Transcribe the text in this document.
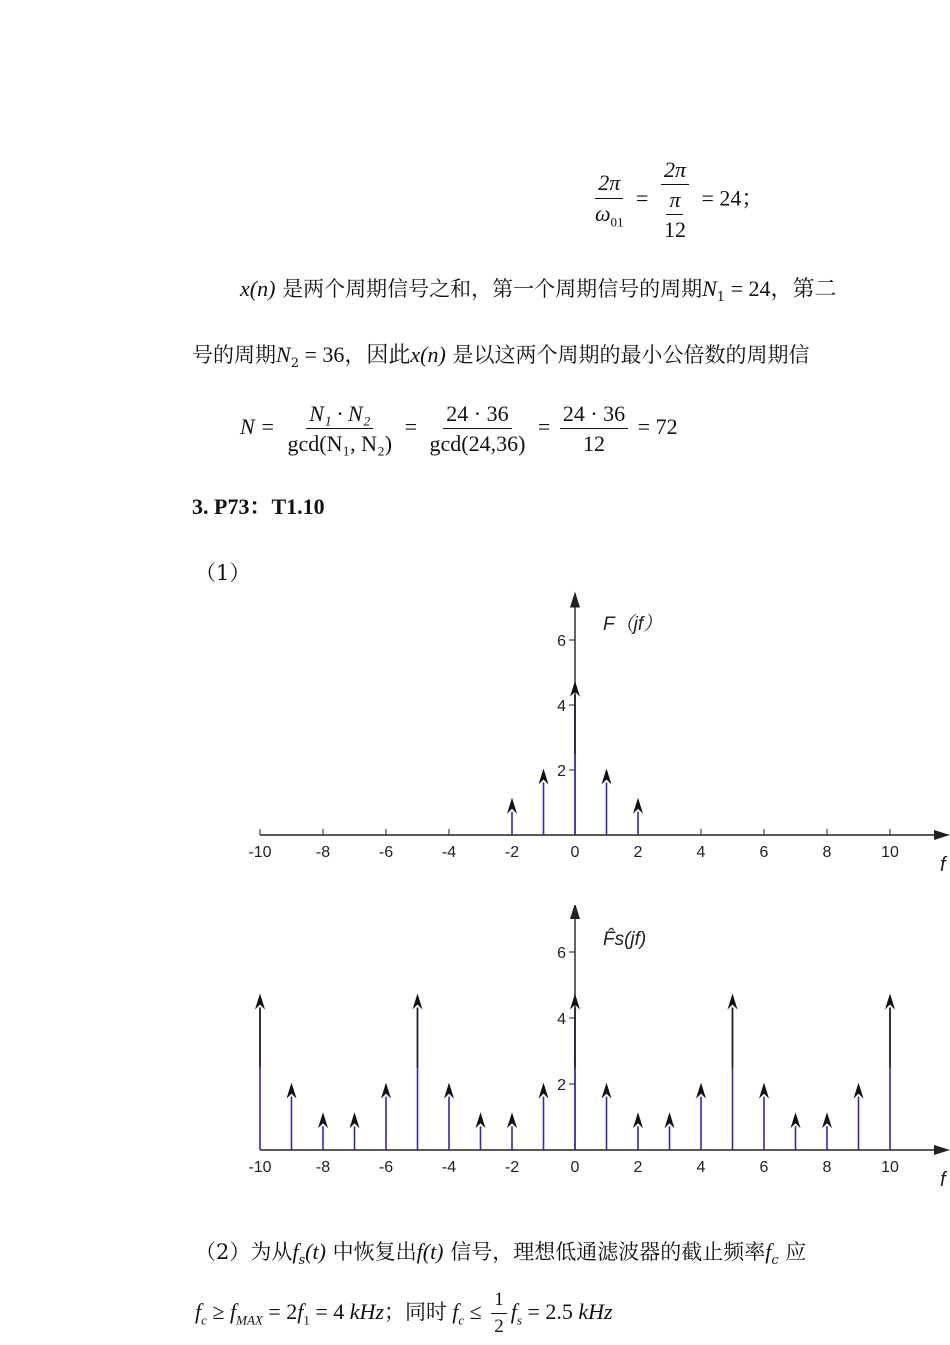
$\frac{2\pi}{\omega_{01}} = \frac{2\pi}{\frac{\pi}{12}} = 24$；
x(n) 是两个周期信号之和，第一个周期信号的周期$N_1 = 24$，第二
号的周期$N_2 = 36$，因此x(n) 是以这两个周期的最小公倍数的周期信
$N = \frac{\text{N₁ · N₂}}{\text{gcd(N₁, N₂)}} = \frac{24 \cdot 36}{\gcd(24,36)} = \frac{24 \cdot 36}{12} = 72$
3. P73：T1.10
（1）
-10	-8	-6	-4	-2	0	2	4	6	8	10
2
4
6
F（jf）
f
-10	-8	-6	-4	-2	0	2	4	6	8	10
2
4
6
F̂s(jf)
f
（2）为从$f_s(t)$ 中恢复出f(t) 信号，理想低通滤波器的截止频率$f_c$ 应
$f_c \ge f_{MAX} = 2f_1 = 4$ kHz；同时 $f_c \le \frac{1}{2} f_s = 2.5$ kHz
